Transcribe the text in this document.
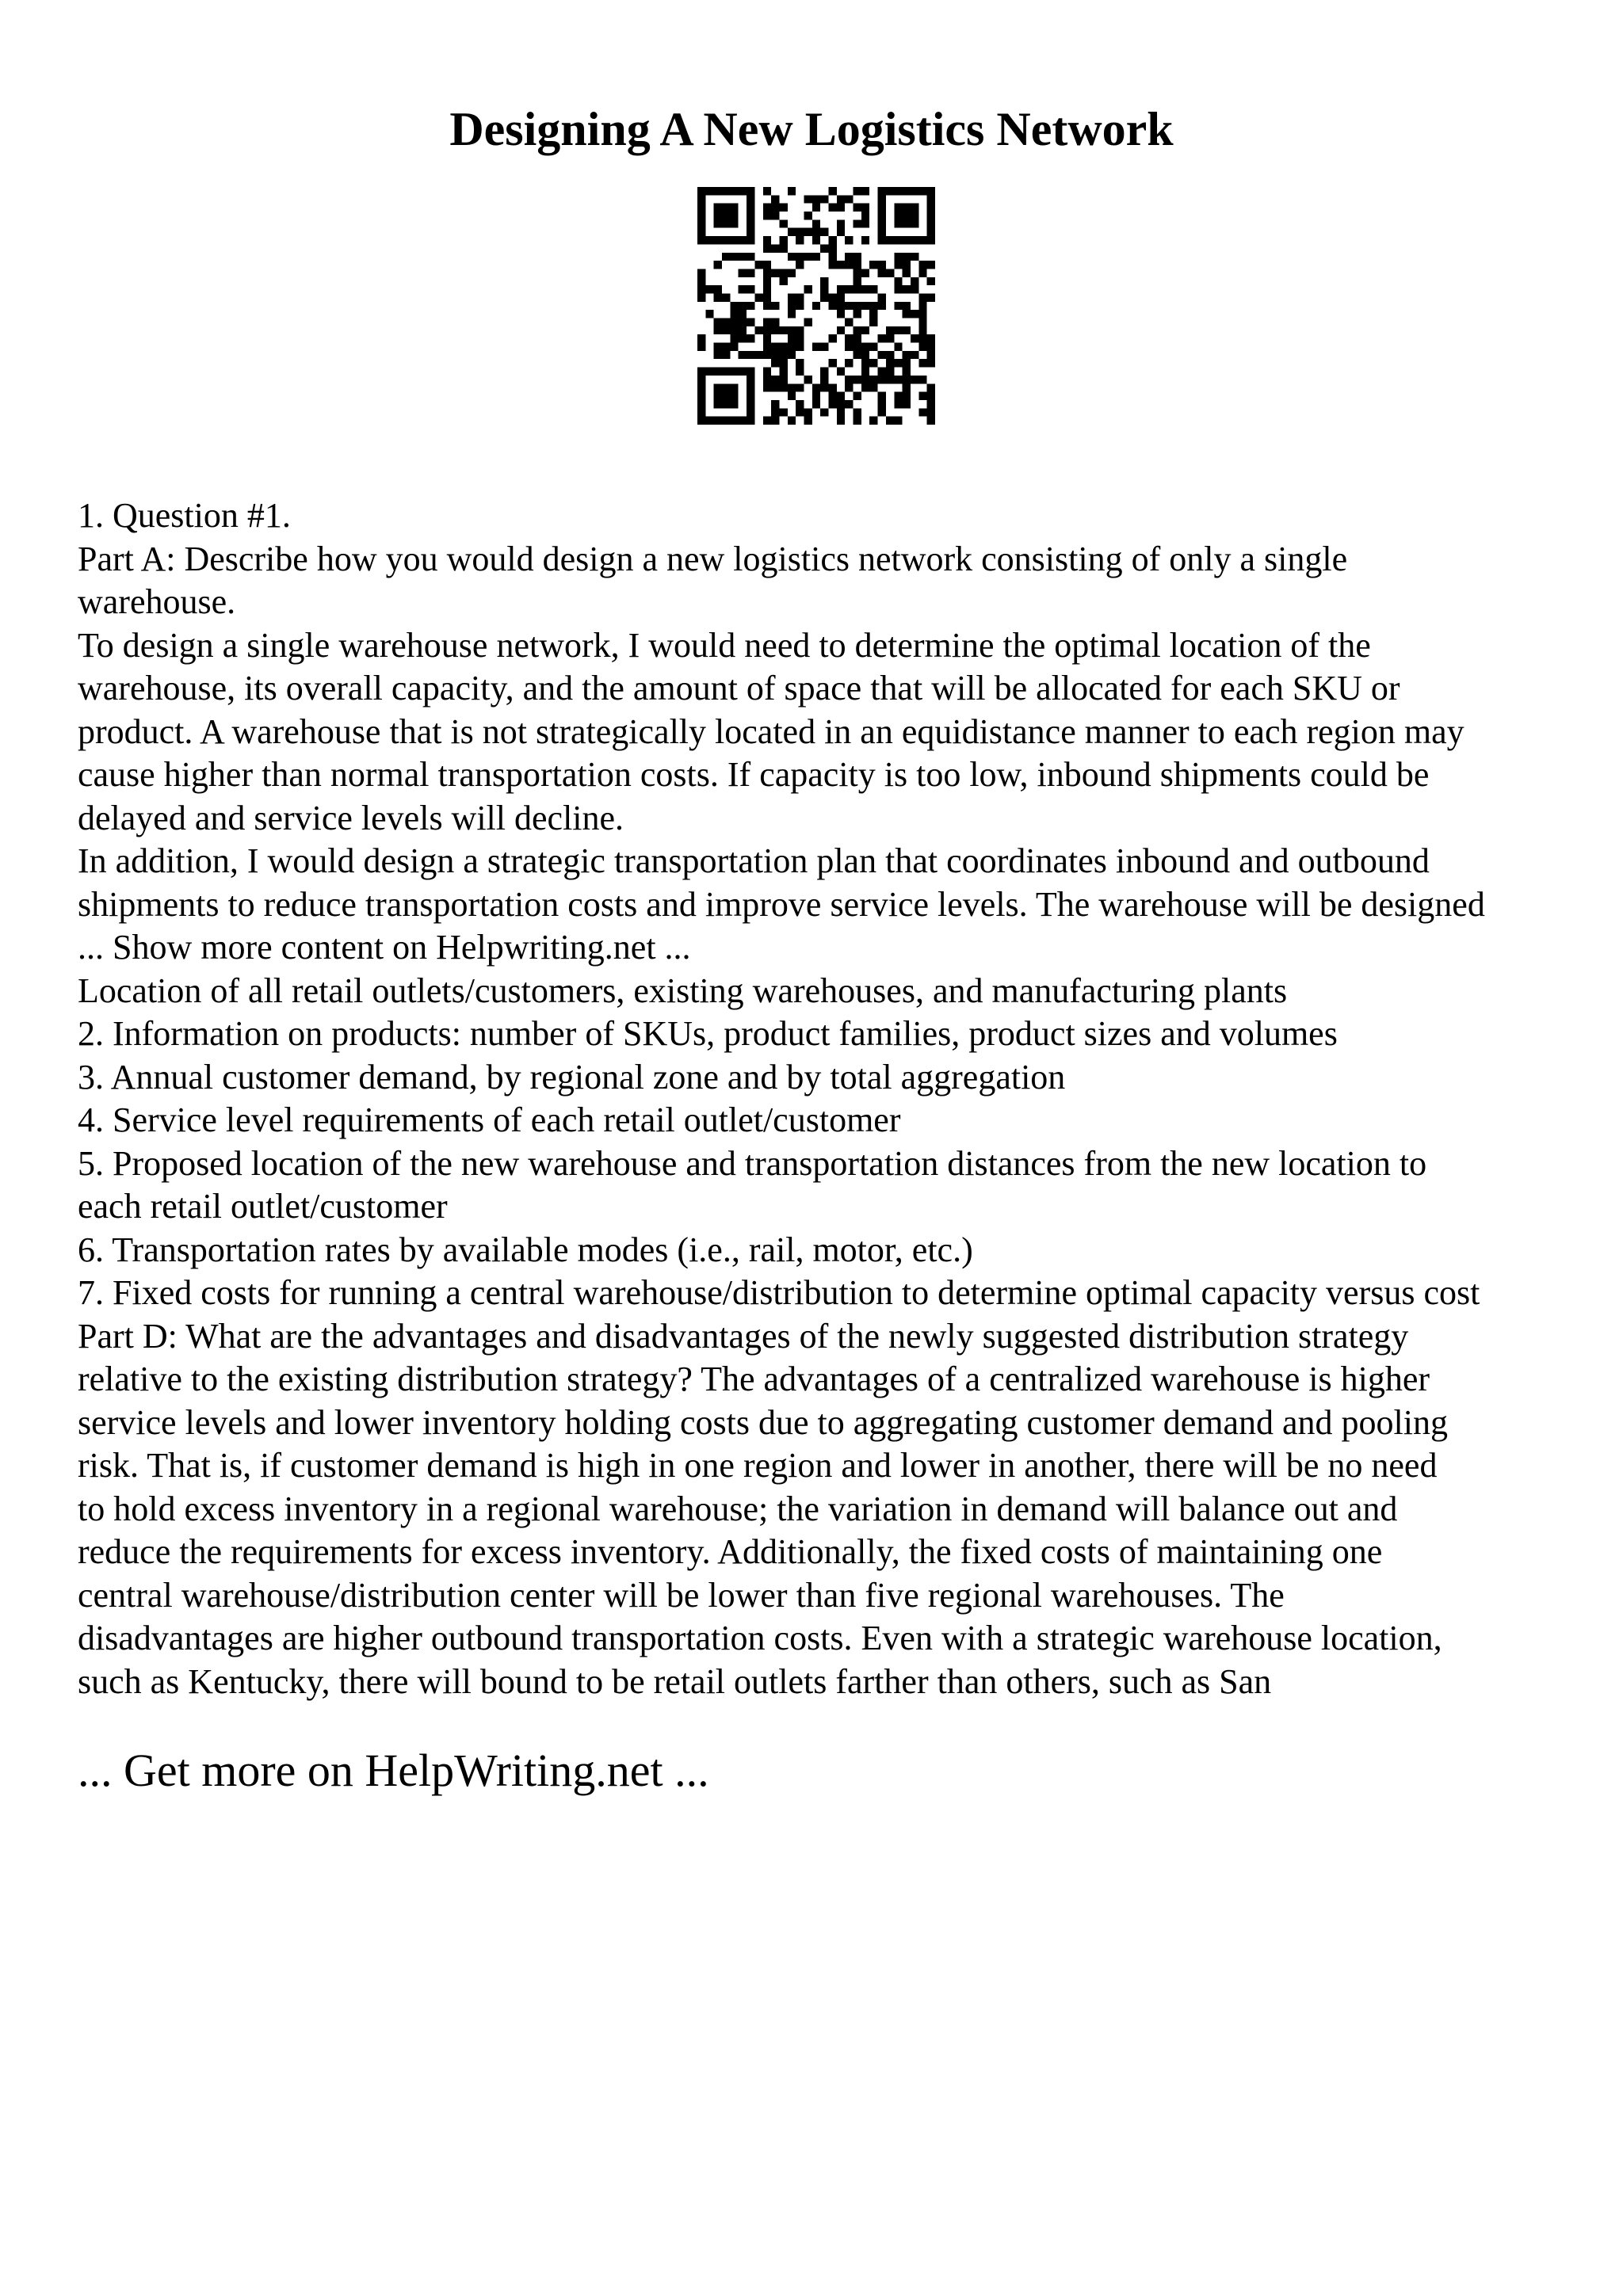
Designing A New Logistics Network

1. Question #1.

Part A: Describe how you would design a new logistics network consisting of only a single

warehouse.

To design a single warehouse network, I would need to determine the optimal location of the

warehouse, its overall capacity, and the amount of space that will be allocated for each SKU or

product. A warehouse that is not strategically located in an equidistance manner to each region may

cause higher than normal transportation costs. If capacity is too low, inbound shipments could be

delayed and service levels will decline.

In addition, I would design a strategic transportation plan that coordinates inbound and outbound

shipments to reduce transportation costs and improve service levels. The warehouse will be designed

... Show more content on Helpwriting.net ...

Location of all retail outlets/customers, existing warehouses, and manufacturing plants

2. Information on products: number of SKUs, product families, product sizes and volumes

3. Annual customer demand, by regional zone and by total aggregation

4. Service level requirements of each retail outlet/customer

5. Proposed location of the new warehouse and transportation distances from the new location to

each retail outlet/customer

6. Transportation rates by available modes (i.e., rail, motor, etc.)

7. Fixed costs for running a central warehouse/distribution to determine optimal capacity versus cost

Part D: What are the advantages and disadvantages of the newly suggested distribution strategy

relative to the existing distribution strategy? The advantages of a centralized warehouse is higher

service levels and lower inventory holding costs due to aggregating customer demand and pooling

risk. That is, if customer demand is high in one region and lower in another, there will be no need

to hold excess inventory in a regional warehouse; the variation in demand will balance out and

reduce the requirements for excess inventory. Additionally, the fixed costs of maintaining one

central warehouse/distribution center will be lower than five regional warehouses. The

disadvantages are higher outbound transportation costs. Even with a strategic warehouse location,

such as Kentucky, there will bound to be retail outlets farther than others, such as San

... Get more on HelpWriting.net ...
